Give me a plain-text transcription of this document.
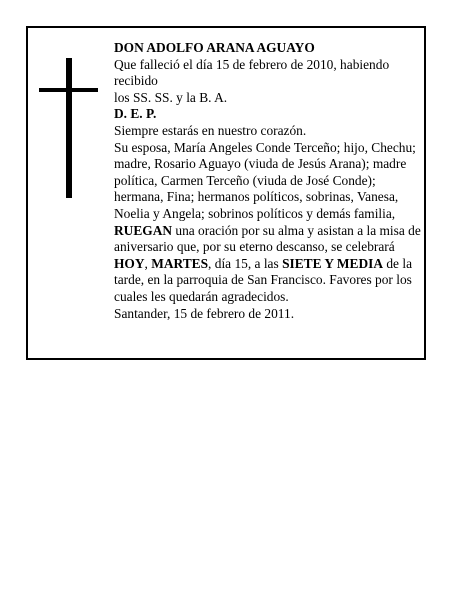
DON ADOLFO ARANA AGUAYO

Que falleció el día 15 de febrero de 2010, habiendo recibido

los SS. SS. y la B. A.

D. E. P.

Siempre estarás en nuestro corazón.

Su esposa, María Angeles Conde Terceño; hijo, Chechu; madre, Rosario Aguayo (viuda de Jesús Arana); madre política, Carmen Terceño (viuda de José Conde); hermana, Fina; hermanos políticos, sobrinas, Vanesa, Noelia y Angela; sobrinos políticos y demás familia,

RUEGAN una oración por su alma y asistan a la misa de aniversario que, por su eterno descanso, se celebrará HOY, MARTES, día 15, a las SIETE Y MEDIA de la tarde, en la parroquia de San Francisco. Favores por los cuales les quedarán agradecidos.

Santander, 15 de febrero de 2011.
